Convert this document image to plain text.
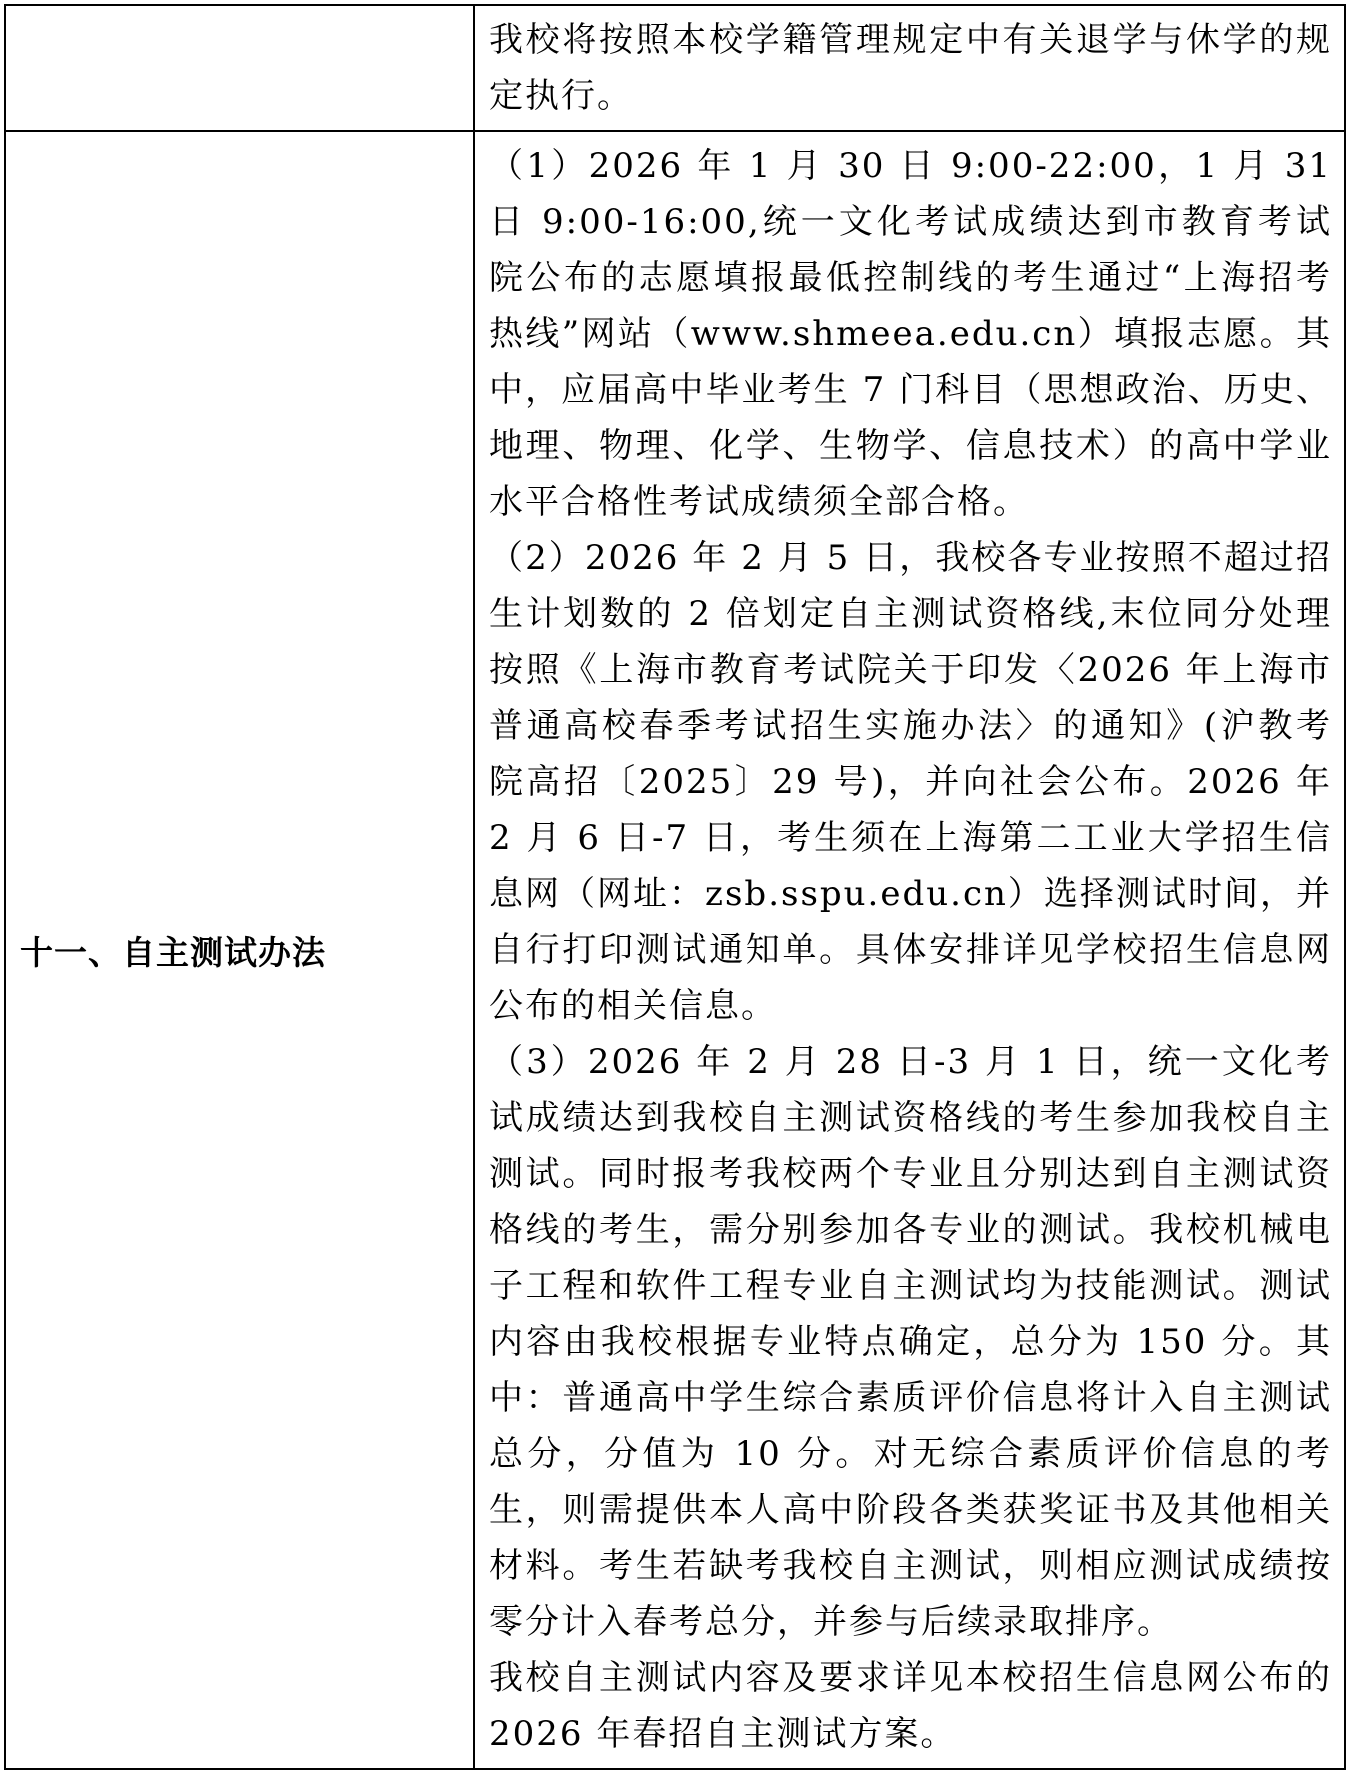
	我校将按照本校学籍管理规定中有关退学与休学的规定执行。

十一、自主测试办法	（1）2026 年 1 月 30 日 9:00-22:00，1 月 31 日 9:00-16:00,统一文化考试成绩达到市教育考试院公布的志愿填报最低控制线的考生通过“上海招考热线”网站（www.shmeea.edu.cn）填报志愿。其中，应届高中毕业考生 7 门科目（思想政治、历史、地理、物理、化学、生物学、信息技术）的高中学业水平合格性考试成绩须全部合格。

（2）2026 年 2 月 5 日，我校各专业按照不超过招生计划数的 2 倍划定自主测试资格线,末位同分处理按照《上海市教育考试院关于印发〈2026 年上海市普通高校春季考试招生实施办法〉的通知》(沪教考院高招〔2025〕29 号)，并向社会公布。2026 年 2 月 6 日-7 日，考生须在上海第二工业大学招生信息网（网址：zsb.sspu.edu.cn）选择测试时间，并自行打印测试通知单。具体安排详见学校招生信息网公布的相关信息。

（3）2026 年 2 月 28 日-3 月 1 日，统一文化考试成绩达到我校自主测试资格线的考生参加我校自主测试。同时报考我校两个专业且分别达到自主测试资格线的考生，需分别参加各专业的测试。我校机械电子工程和软件工程专业自主测试均为技能测试。测试内容由我校根据专业特点确定，总分为 150 分。其中：普通高中学生综合素质评价信息将计入自主测试总分，分值为 10 分。对无综合素质评价信息的考生，则需提供本人高中阶段各类获奖证书及其他相关材料。考生若缺考我校自主测试，则相应测试成绩按零分计入春考总分，并参与后续录取排序。

我校自主测试内容及要求详见本校招生信息网公布的 2026 年春招自主测试方案。
